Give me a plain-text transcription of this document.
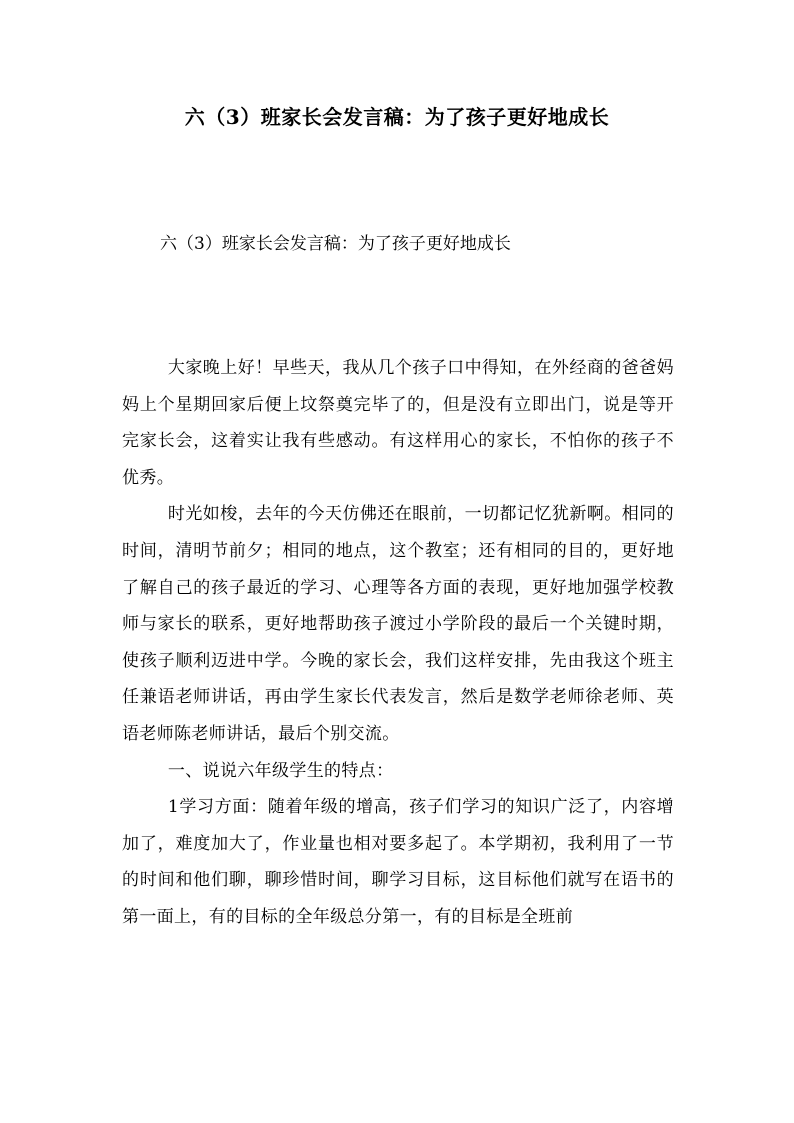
六（3）班家长会发言稿：为了孩子更好地成长
六（3）班家长会发言稿：为了孩子更好地成长

大家晚上好！早些天，我从几个孩子口中得知，在外经商的爸爸妈妈上个星期回家后便上坟祭奠完毕了的，但是没有立即出门，说是等开完家长会，这着实让我有些感动。有这样用心的家长，不怕你的孩子不优秀。

时光如梭，去年的今天仿佛还在眼前，一切都记忆犹新啊。相同的时间，清明节前夕；相同的地点，这个教室；还有相同的目的，更好地了解自己的孩子最近的学习、心理等各方面的表现，更好地加强学校教师与家长的联系，更好地帮助孩子渡过小学阶段的最后一个关键时期，使孩子顺利迈进中学。今晚的家长会，我们这样安排，先由我这个班主任兼语老师讲话，再由学生家长代表发言，然后是数学老师徐老师、英语老师陈老师讲话，最后个别交流。

一、说说六年级学生的特点：

1学习方面：随着年级的增高，孩子们学习的知识广泛了，内容增加了，难度加大了，作业量也相对要多起了。本学期初，我利用了一节的时间和他们聊，聊珍惜时间，聊学习目标，这目标他们就写在语书的第一面上，有的目标的全年级总分第一，有的目标是全班前
